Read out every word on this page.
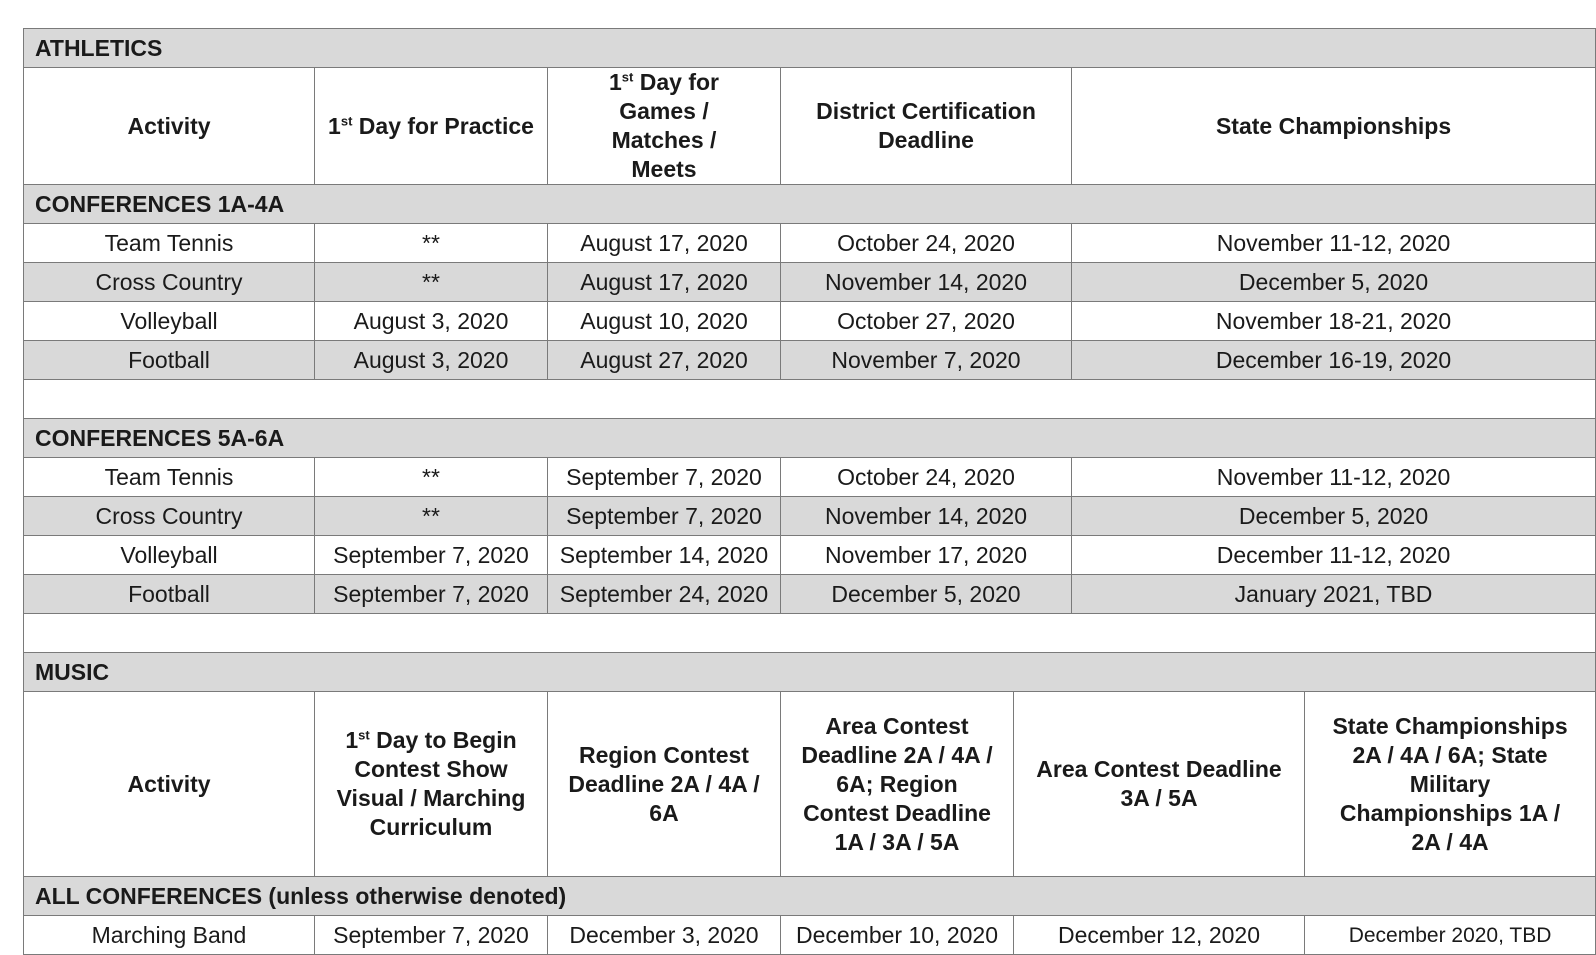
ATHLETICS						
Activity	1st Day for Practice	1st Day for Games / Matches / Meets	District Certification Deadline		State Championships	
CONFERENCES 1A-4A						
Team Tennis	**	August 17, 2020	October 24, 2020		November 11-12, 2020	
Cross Country	**	August 17, 2020	November 14, 2020		December 5, 2020	
Volleyball	August 3, 2020	August 10, 2020	October 27, 2020		November 18-21, 2020	
Football	August 3, 2020	August 27, 2020	November 7, 2020		December 16-19, 2020	

CONFERENCES 5A-6A						
Team Tennis	**	September 7, 2020	October 24, 2020		November 11-12, 2020	
Cross Country	**	September 7, 2020	November 14, 2020		December 5, 2020	
Volleyball	September 7, 2020	September 14, 2020	November 17, 2020		December 11-12, 2020	
Football	September 7, 2020	September 24, 2020	December 5, 2020		January 2021, TBD	

MUSIC						
Activity	1st Day to Begin Contest Show Visual / Marching Curriculum	Region Contest Deadline 2A / 4A / 6A	Area Contest Deadline 2A / 4A / 6A; Region Contest Deadline 1A / 3A / 5A	Area Contest Deadline 3A / 5A		State Championships 2A / 4A / 6A; State Military Championships 1A / 2A / 4A
ALL CONFERENCES (unless otherwise denoted)						
Marching Band	September 7, 2020	December 3, 2020	December 10, 2020	December 12, 2020		December 2020, TBD
